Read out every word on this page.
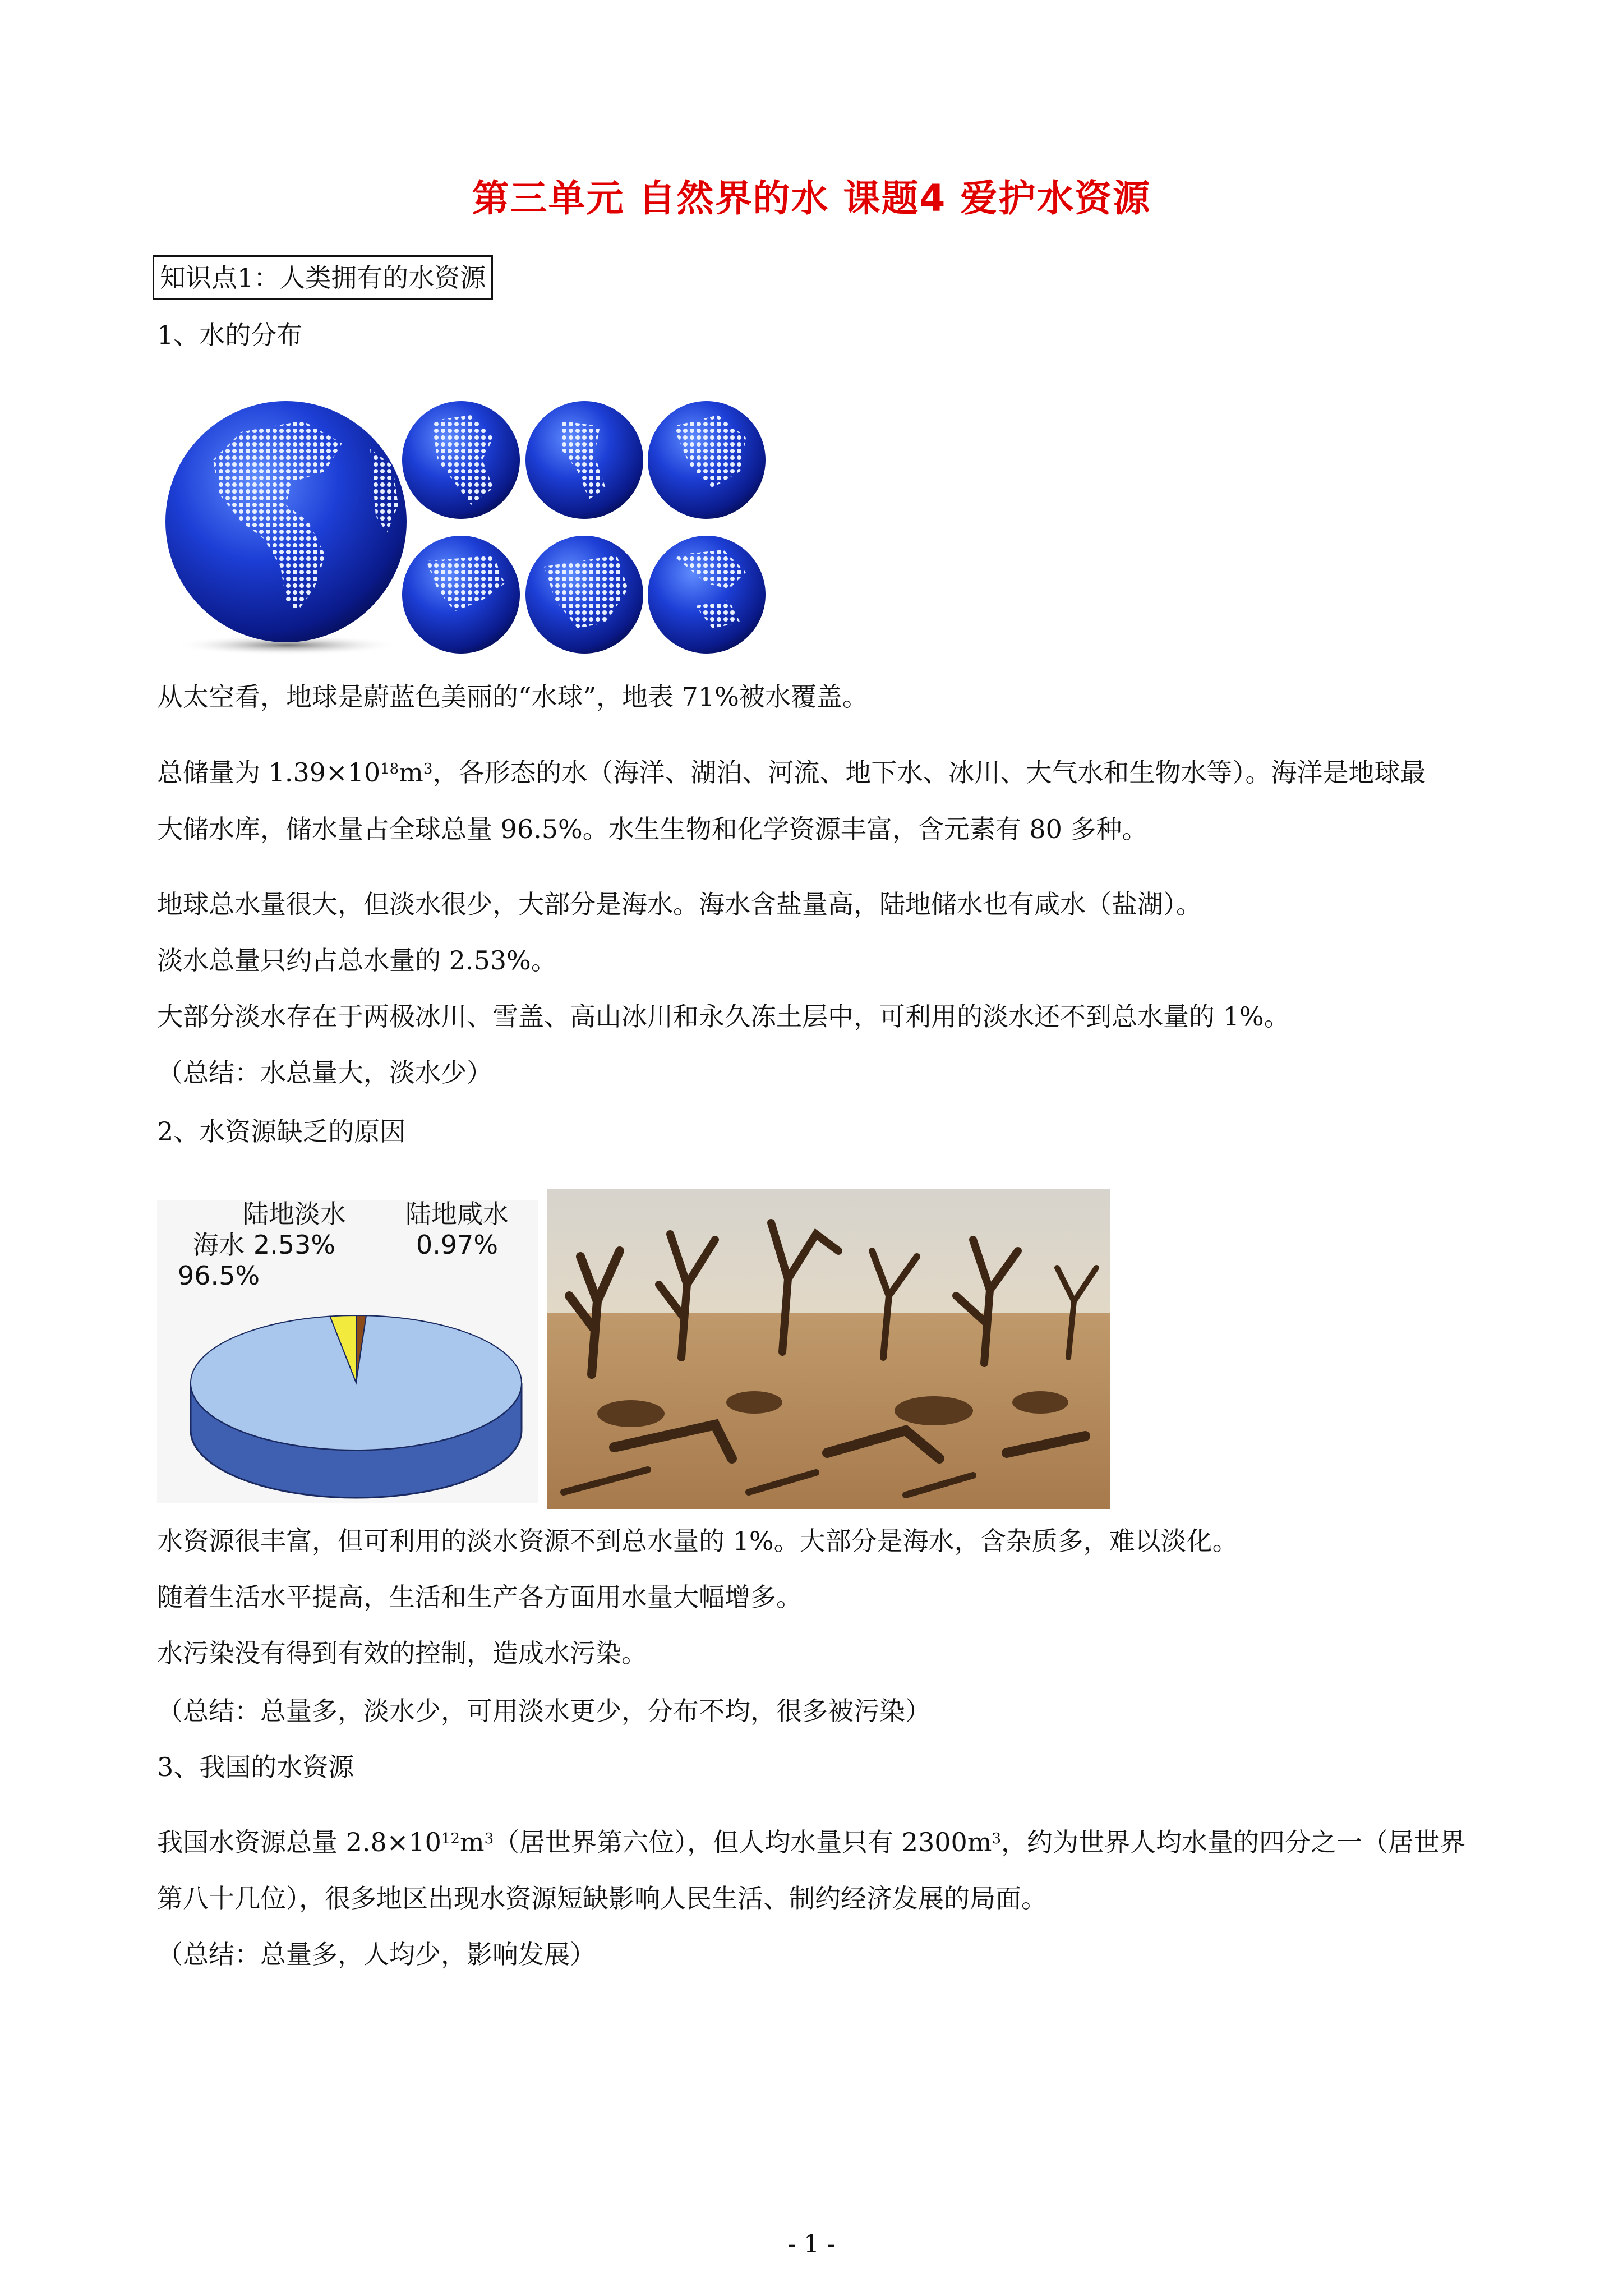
第三单元 自然界的水 课题4 爱护水资源
知识点1：人类拥有的水资源
1、水的分布
从太空看，地球是蔚蓝色美丽的“水球”，地表 71%被水覆盖。
总储量为 $1.39\times 10^{18}m^3$，各形态的水（海洋、湖泊、河流、地下水、冰川、大气水和生物水等）。海洋是地球最
大储水库，储水量占全球总量 96.5%。水生生物和化学资源丰富，含元素有 80 多种。
地球总水量很大，但淡水很少，大部分是海水。海水含盐量高，陆地储水也有咸水（盐湖）。
淡水总量只约占总水量的 2.53%。
大部分淡水存在于两极冰川、雪盖、高山冰川和永久冻土层中，可利用的淡水还不到总水量的 1%。
（总结：水总量大，淡水少）
2、水资源缺乏的原因
海水
96.5%
陆地淡水
2.53%
陆地咸水
0.97%
水资源很丰富，但可利用的淡水资源不到总水量的 1%。大部分是海水，含杂质多，难以淡化。
随着生活水平提高，生活和生产各方面用水量大幅增多。
水污染没有得到有效的控制，造成水污染。
（总结：总量多，淡水少，可用淡水更少，分布不均，很多被污染）
3、我国的水资源
我国水资源总量 $2.8\times 10^{12}m^3$（居世界第六位），但人均水量只有 $2300m^3$，约为世界人均水量的四分之一（居世界
第八十几位），很多地区出现水资源短缺影响人民生活、制约经济发展的局面。
（总结：总量多，人均少，影响发展）
- 1 -
